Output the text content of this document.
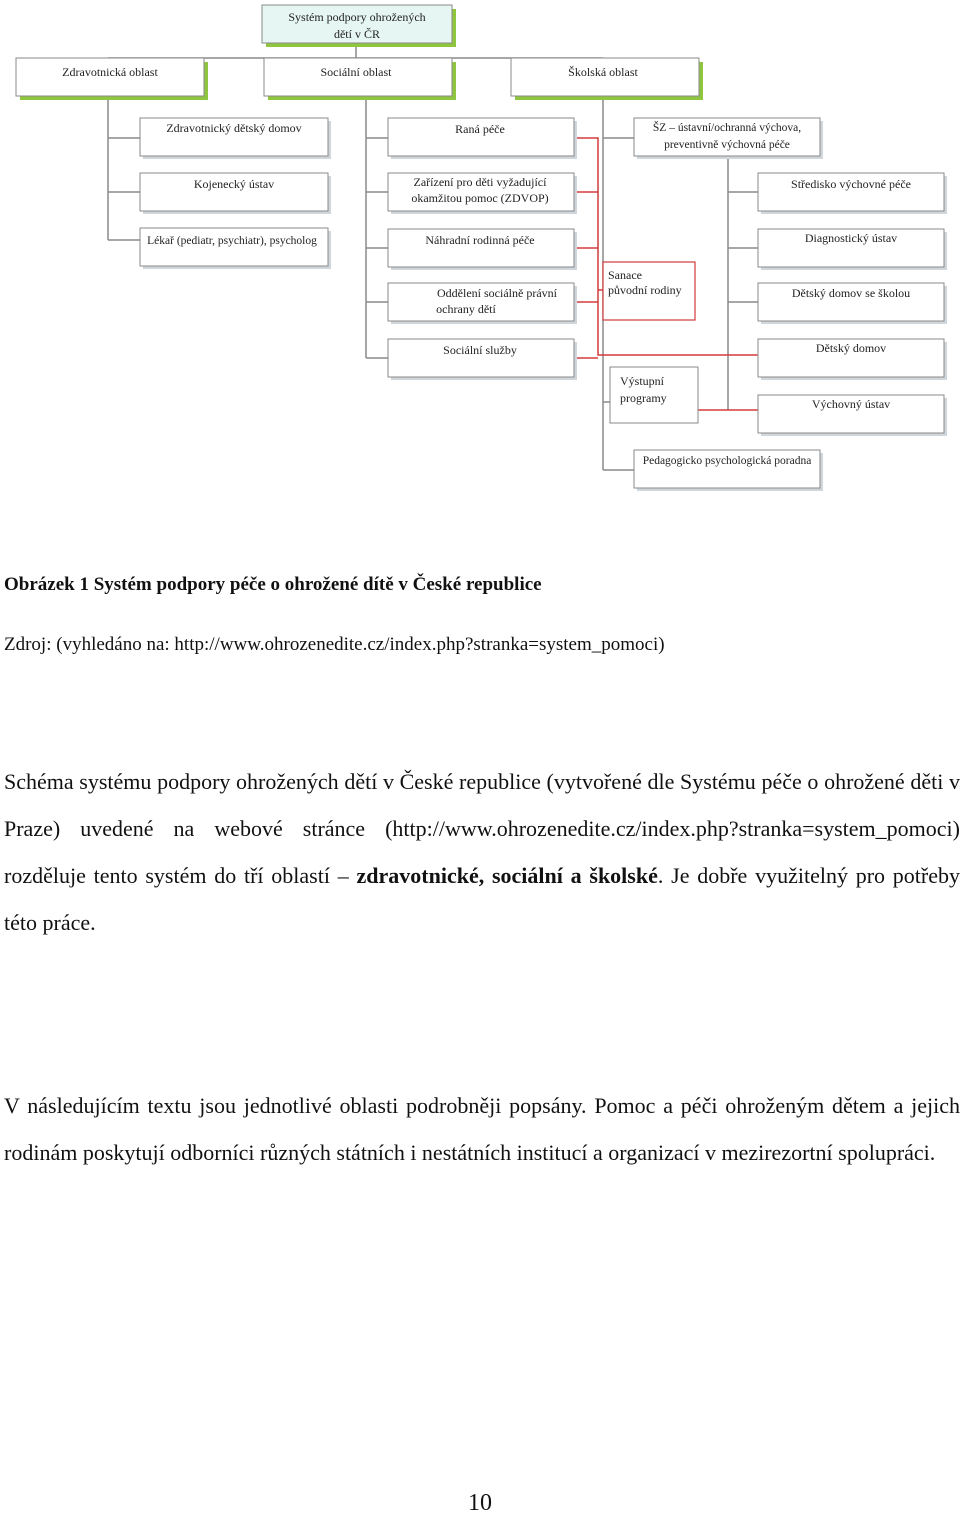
Systém podpory ohrožených
dětí v ČR
Zdravotnická oblast	Sociální oblast	Školská oblast
Zdravotnický dětský domov
Kojenecký ústav
Lékař (pediatr, psychiatr), psycholog
Raná péče
Zařízení pro děti vyžadující
okamžitou pomoc (ZDVOP)
Náhradní rodinná péče
Oddělení sociálně právní
ochrany dětí
Sociální služby
Sanace
původní rodiny
Výstupní
programy
ŠZ – ústavní/ochranná výchova,
preventivně výchovná péče
Středisko výchovné péče
Diagnostický ústav
Dětský domov se školou
Dětský domov
Výchovný ústav
Pedagogicko psychologická poradna
Obrázek 1 Systém podpory péče o ohrožené dítě v České republice
Zdroj: (vyhledáno na: http://www.ohrozenedite.cz/index.php?stranka=system_pomoci)

Schéma systému podpory ohrožených dětí v České republice (vytvořené dle Systému péče o ohrožené děti v Praze) uvedené na webové stránce (http://www.ohrozenedite.cz/index.php?stranka=system_pomoci) rozděluje tento systém do tří oblastí – zdravotnické, sociální a školské. Je dobře využitelný pro potřeby této práce.

V následujícím textu jsou jednotlivé oblasti podrobněji popsány. Pomoc a péči ohroženým dětem a jejich rodinám poskytují odborníci různých státních i nestátních institucí a organizací v mezirezortní spolupráci.

10
